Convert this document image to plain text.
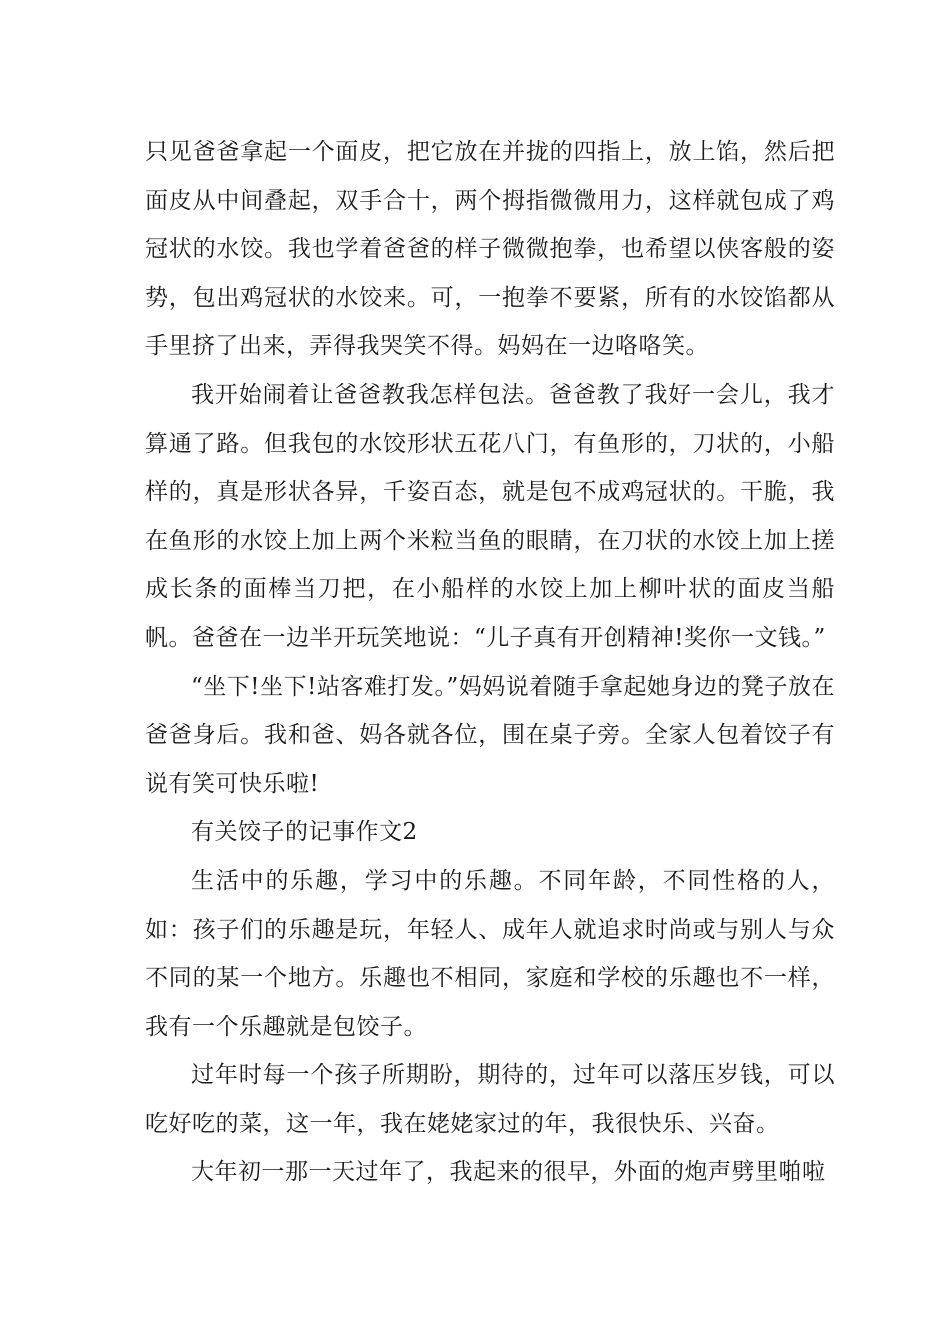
只见爸爸拿起一个面皮，把它放在并拢的四指上，放上馅，然后把面皮从中间叠起，双手合十，两个拇指微微用力，这样就包成了鸡冠状的水饺。我也学着爸爸的样子微微抱拳，也希望以侠客般的姿势，包出鸡冠状的水饺来。可，一抱拳不要紧，所有的水饺馅都从手里挤了出来，弄得我哭笑不得。妈妈在一边咯咯笑。

我开始闹着让爸爸教我怎样包法。爸爸教了我好一会儿，我才算通了路。但我包的水饺形状五花八门，有鱼形的，刀状的，小船样的，真是形状各异，千姿百态，就是包不成鸡冠状的。干脆，我在鱼形的水饺上加上两个米粒当鱼的眼睛，在刀状的水饺上加上搓成长条的面棒当刀把，在小船样的水饺上加上柳叶状的面皮当船帆。爸爸在一边半开玩笑地说：“儿子真有开创精神!奖你一文钱。”

“坐下!坐下!站客难打发。”妈妈说着随手拿起她身边的凳子放在爸爸身后。我和爸、妈各就各位，围在桌子旁。全家人包着饺子有说有笑可快乐啦!

有关饺子的记事作文2

生活中的乐趣，学习中的乐趣。不同年龄，不同性格的人，如：孩子们的乐趣是玩，年轻人、成年人就追求时尚或与别人与众不同的某一个地方。乐趣也不相同，家庭和学校的乐趣也不一样，我有一个乐趣就是包饺子。

过年时每一个孩子所期盼，期待的，过年可以落压岁钱，可以吃好吃的菜，这一年，我在姥姥家过的年，我很快乐、兴奋。

大年初一那一天过年了，我起来的很早，外面的炮声劈里啪啦
